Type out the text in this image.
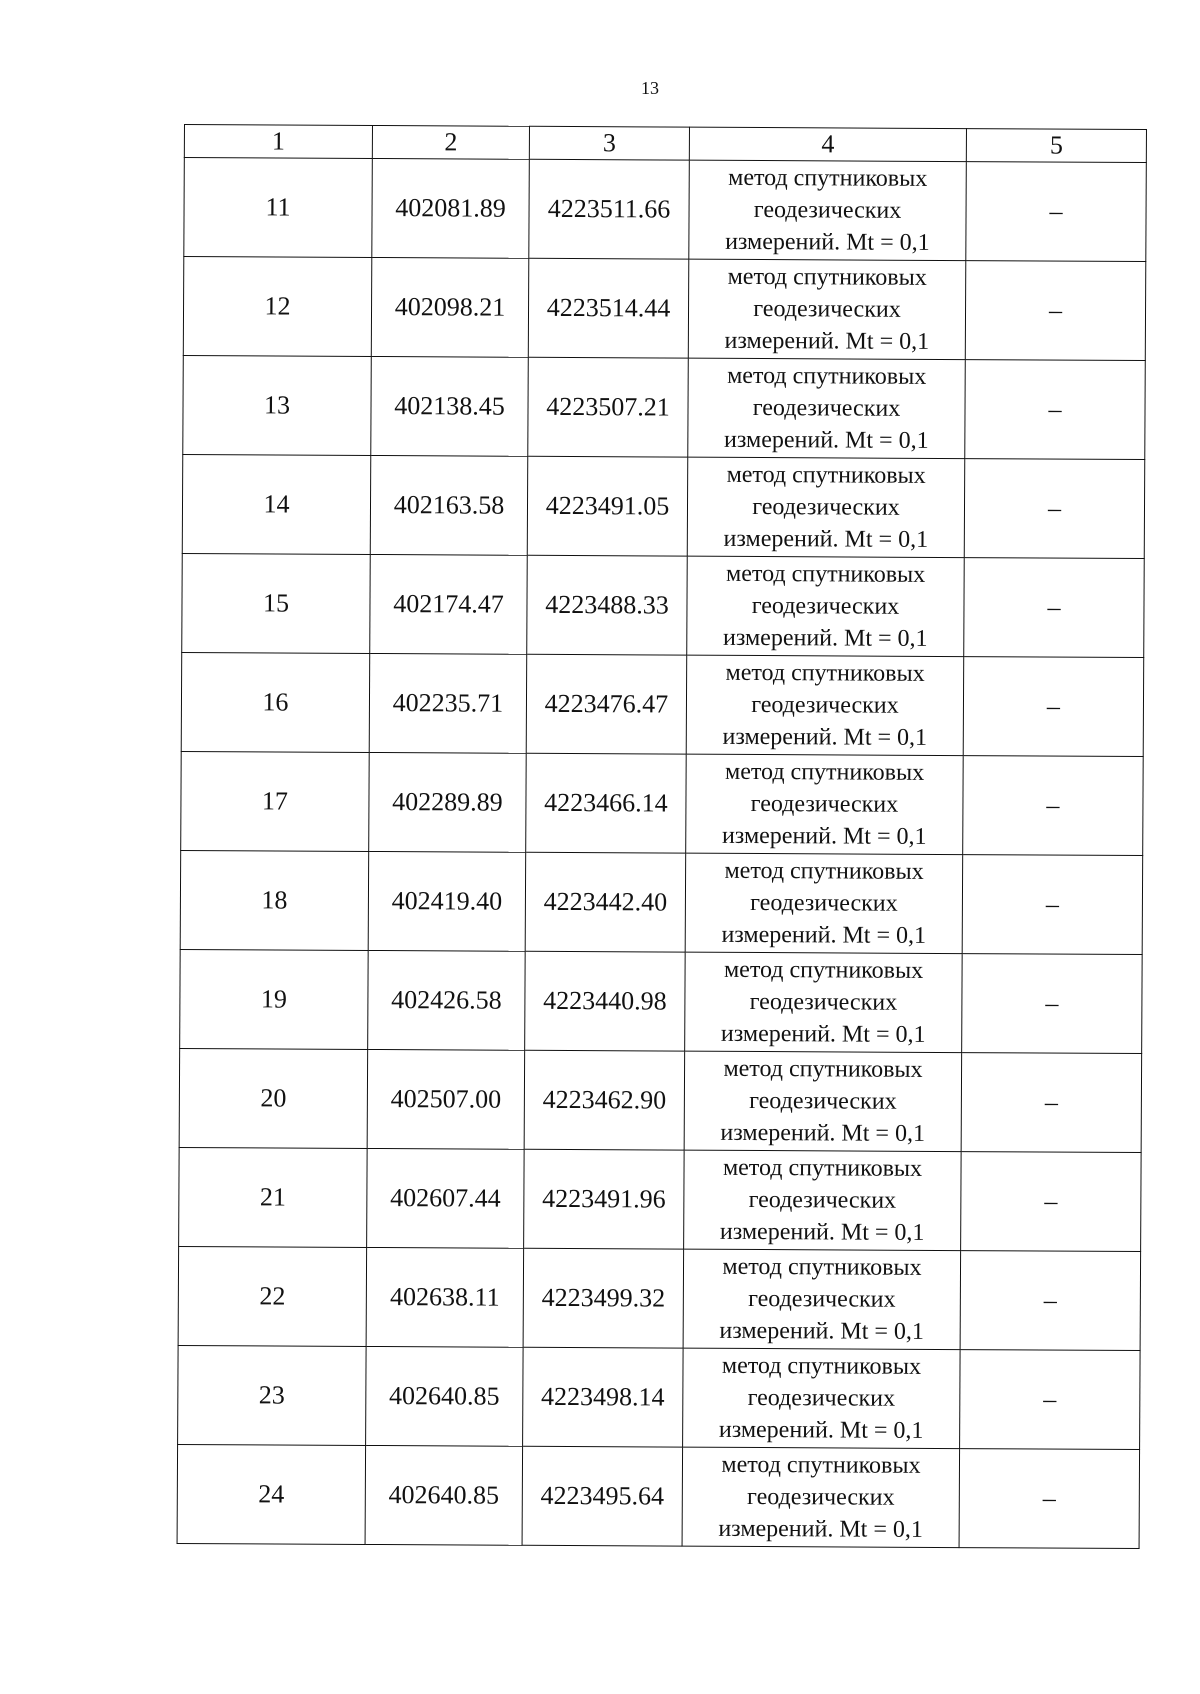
13
1	2	3	4	5
11	402081.89	4223511.66	метод спутниковых
геодезических
измерений. Mt = 0,1	–
12	402098.21	4223514.44	метод спутниковых
геодезических
измерений. Mt = 0,1	–
13	402138.45	4223507.21	метод спутниковых
геодезических
измерений. Mt = 0,1	–
14	402163.58	4223491.05	метод спутниковых
геодезических
измерений. Mt = 0,1	–
15	402174.47	4223488.33	метод спутниковых
геодезических
измерений. Mt = 0,1	–
16	402235.71	4223476.47	метод спутниковых
геодезических
измерений. Mt = 0,1	–
17	402289.89	4223466.14	метод спутниковых
геодезических
измерений. Mt = 0,1	–
18	402419.40	4223442.40	метод спутниковых
геодезических
измерений. Mt = 0,1	–
19	402426.58	4223440.98	метод спутниковых
геодезических
измерений. Mt = 0,1	–
20	402507.00	4223462.90	метод спутниковых
геодезических
измерений. Mt = 0,1	–
21	402607.44	4223491.96	метод спутниковых
геодезических
измерений. Mt = 0,1	–
22	402638.11	4223499.32	метод спутниковых
геодезических
измерений. Mt = 0,1	–
23	402640.85	4223498.14	метод спутниковых
геодезических
измерений. Mt = 0,1	–
24	402640.85	4223495.64	метод спутниковых
геодезических
измерений. Mt = 0,1	–
